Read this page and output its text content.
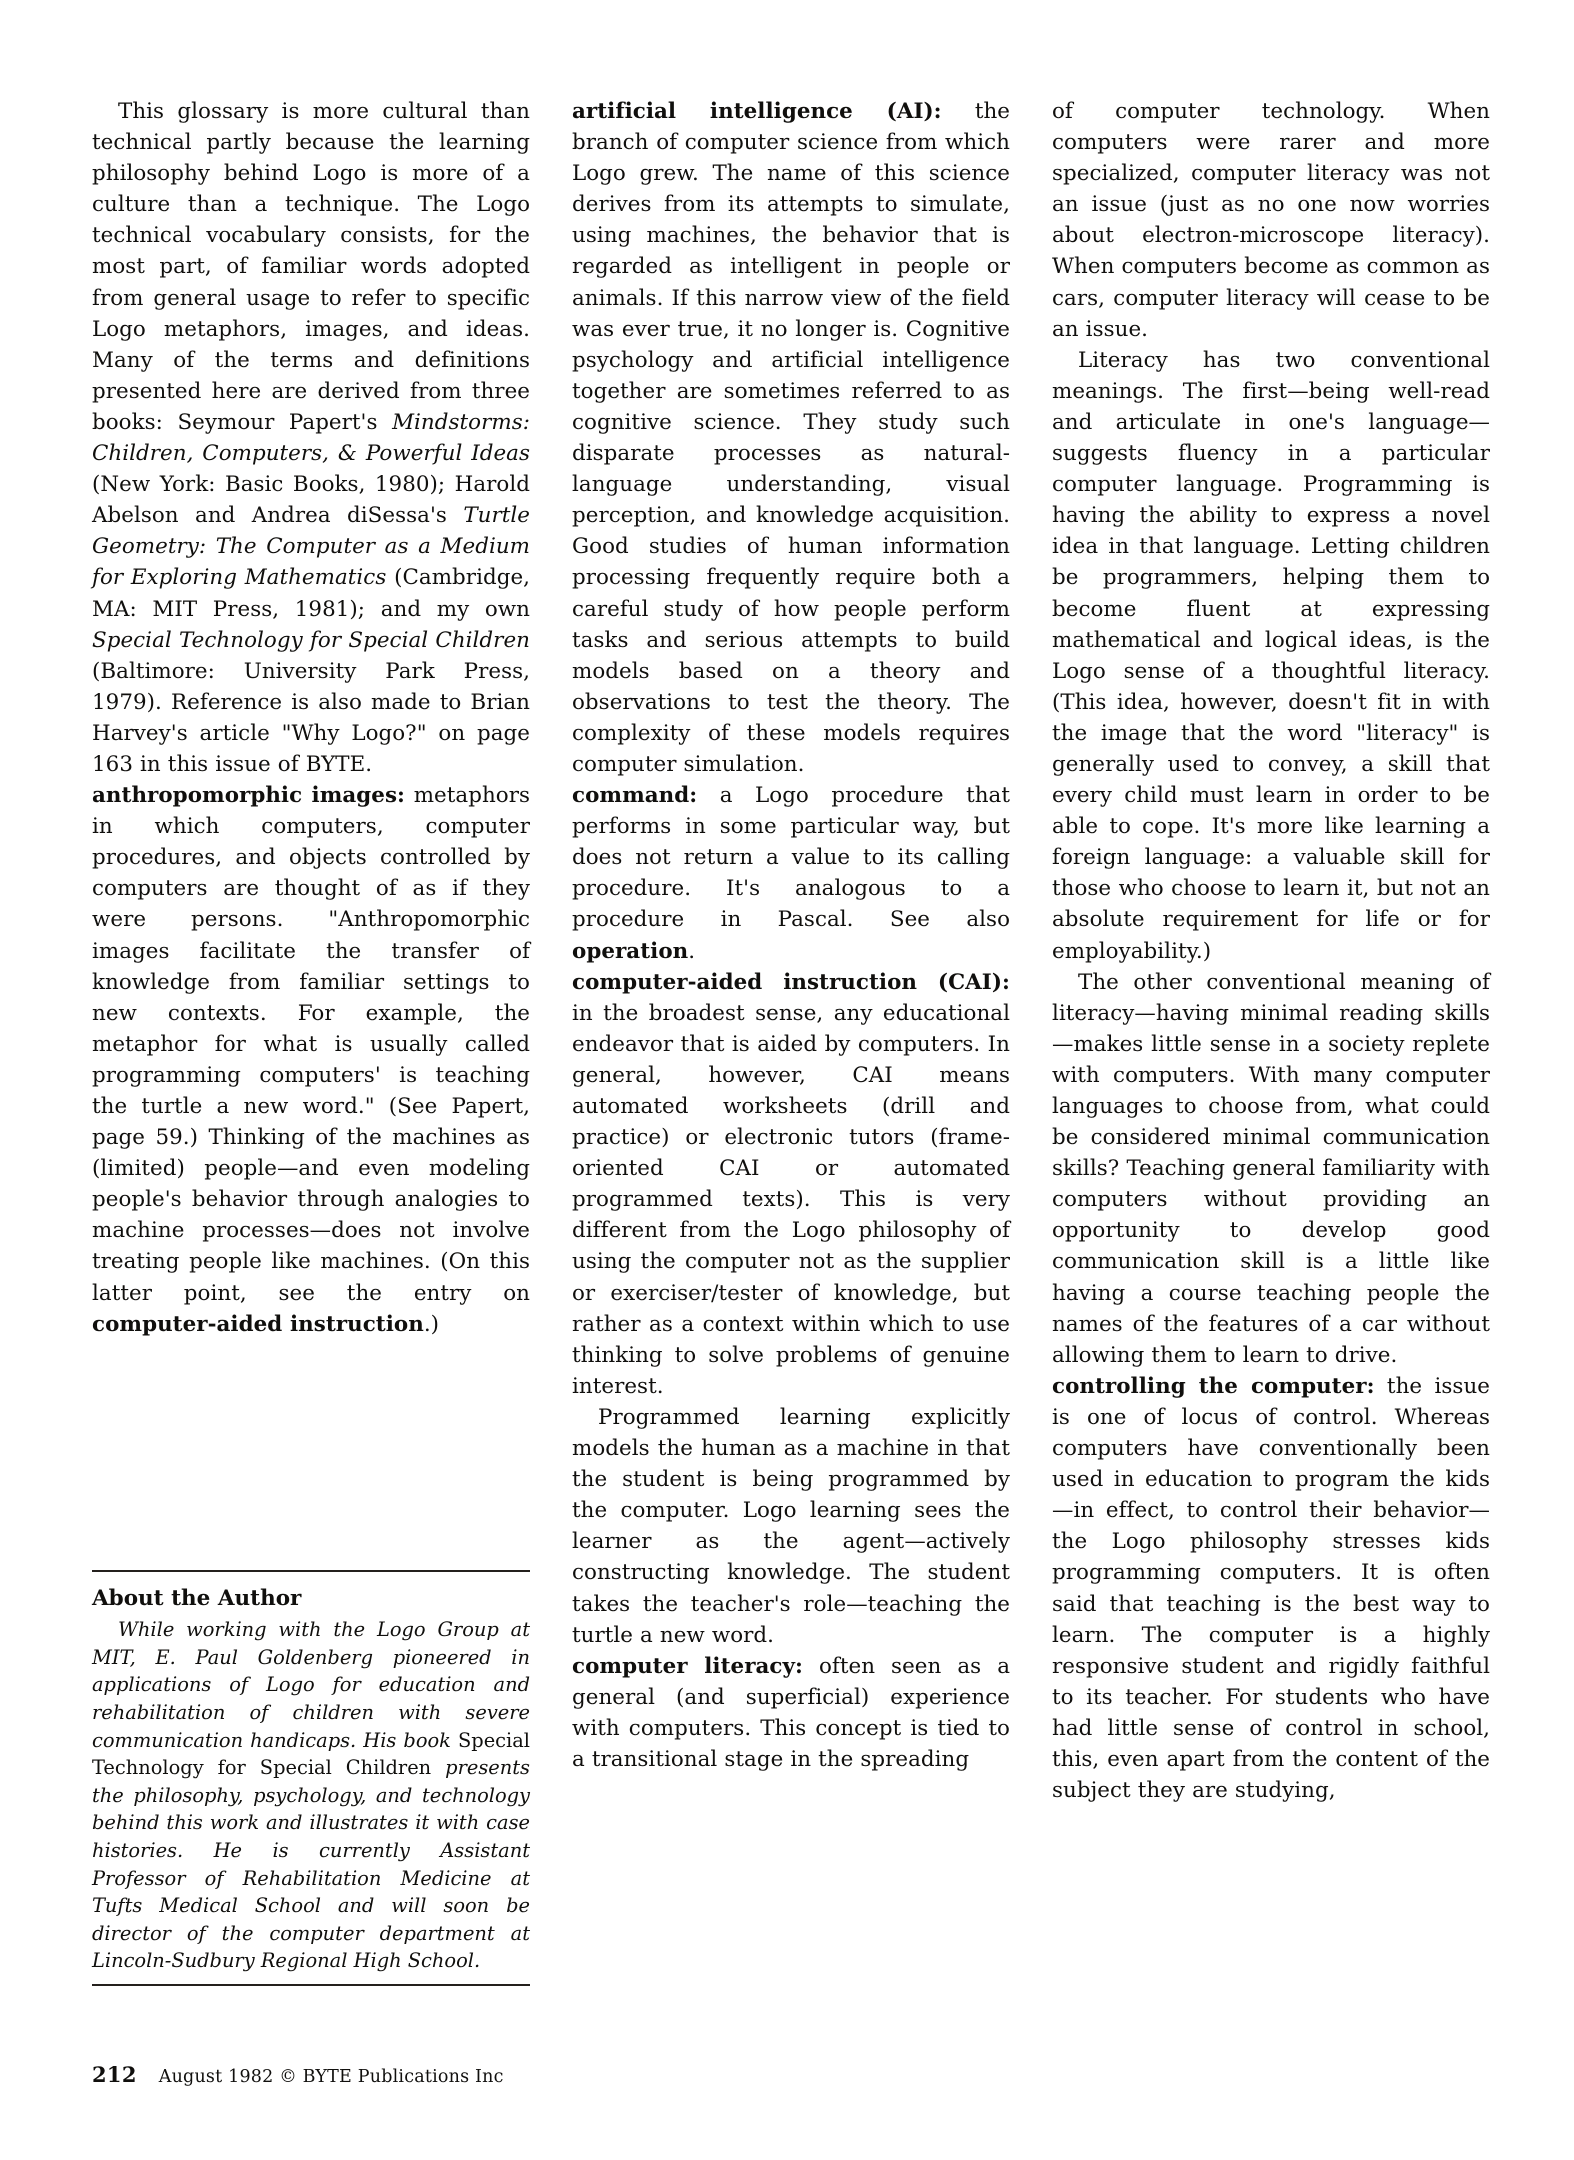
This glossary is more cultural than technical partly because the learning philosophy behind Logo is more of a culture than a technique. The Logo technical vocabulary consists, for the most part, of familiar words adopted from general usage to refer to specific Logo metaphors, images, and ideas. Many of the terms and definitions presented here are derived from three books: Seymour Papert's Mindstorms: Children, Computers, & Powerful Ideas (New York: Basic Books, 1980); Harold Abelson and Andrea diSessa's Turtle Geometry: The Computer as a Medium for Exploring Mathematics (Cambridge, MA: MIT Press, 1981); and my own Special Technology for Special Children (Baltimore: University Park Press, 1979). Reference is also made to Brian Harvey's article "Why Logo?" on page 163 in this issue of BYTE.

anthropomorphic images: metaphors in which computers, computer procedures, and objects controlled by computers are thought of as if they were persons. "Anthropomorphic images facilitate the transfer of knowledge from familiar settings to new contexts. For example, the metaphor for what is usually called programming computers' is teaching the turtle a new word." (See Papert, page 59.) Thinking of the machines as (limited) people—and even modeling people's behavior through analogies to machine processes—does not involve treating people like machines. (On this latter point, see the entry on computer-aided instruction.)

About the Author

While working with the Logo Group at MIT, E. Paul Goldenberg pioneered in applications of Logo for education and rehabilitation of children with severe communication handicaps. His book Special Technology for Special Children presents the philosophy, psychology, and technology behind this work and illustrates it with case histories. He is currently Assistant Professor of Rehabilitation Medicine at Tufts Medical School and will soon be director of the computer department at Lincoln-Sudbury Regional High School.

artificial intelligence (AI): the branch of computer science from which Logo grew. The name of this science derives from its attempts to simulate, using machines, the behavior that is regarded as intelligent in people or animals. If this narrow view of the field was ever true, it no longer is. Cognitive psychology and artificial intelligence together are sometimes referred to as cognitive science. They study such disparate processes as natural-language understanding, visual perception, and knowledge acquisition. Good studies of human information processing frequently require both a careful study of how people perform tasks and serious attempts to build models based on a theory and observations to test the theory. The complexity of these models requires computer simulation.

command: a Logo procedure that performs in some particular way, but does not return a value to its calling procedure. It's analogous to a procedure in Pascal. See also operation.

computer-aided instruction (CAI): in the broadest sense, any educational endeavor that is aided by computers. In general, however, CAI means automated worksheets (drill and practice) or electronic tutors (frame-oriented CAI or automated programmed texts). This is very different from the Logo philosophy of using the computer not as the supplier or exerciser/tester of knowledge, but rather as a context within which to use thinking to solve problems of genuine interest.

Programmed learning explicitly models the human as a machine in that the student is being programmed by the computer. Logo learning sees the learner as the agent—actively constructing knowledge. The student takes the teacher's role—teaching the turtle a new word.

computer literacy: often seen as a general (and superficial) experience with computers. This concept is tied to a transitional stage in the spreading

of computer technology. When computers were rarer and more specialized, computer literacy was not an issue (just as no one now worries about electron-microscope literacy). When computers become as common as cars, computer literacy will cease to be an issue.

Literacy has two conventional meanings. The first—being well-read and articulate in one's language—suggests fluency in a particular computer language. Programming is having the ability to express a novel idea in that language. Letting children be programmers, helping them to become fluent at expressing mathematical and logical ideas, is the Logo sense of a thoughtful literacy. (This idea, however, doesn't fit in with the image that the word "literacy" is generally used to convey, a skill that every child must learn in order to be able to cope. It's more like learning a foreign language: a valuable skill for those who choose to learn it, but not an absolute requirement for life or for employability.)

The other conventional meaning of literacy—having minimal reading skills—makes little sense in a society replete with computers. With many computer languages to choose from, what could be considered minimal communication skills? Teaching general familiarity with computers without providing an opportunity to develop good communication skill is a little like having a course teaching people the names of the features of a car without allowing them to learn to drive.

controlling the computer: the issue is one of locus of control. Whereas computers have conventionally been used in education to program the kids—in effect, to control their behavior—the Logo philosophy stresses kids programming computers. It is often said that teaching is the best way to learn. The computer is a highly responsive student and rigidly faithful to its teacher. For students who have had little sense of control in school, this, even apart from the content of the subject they are studying,

212 August 1982 © BYTE Publications Inc
